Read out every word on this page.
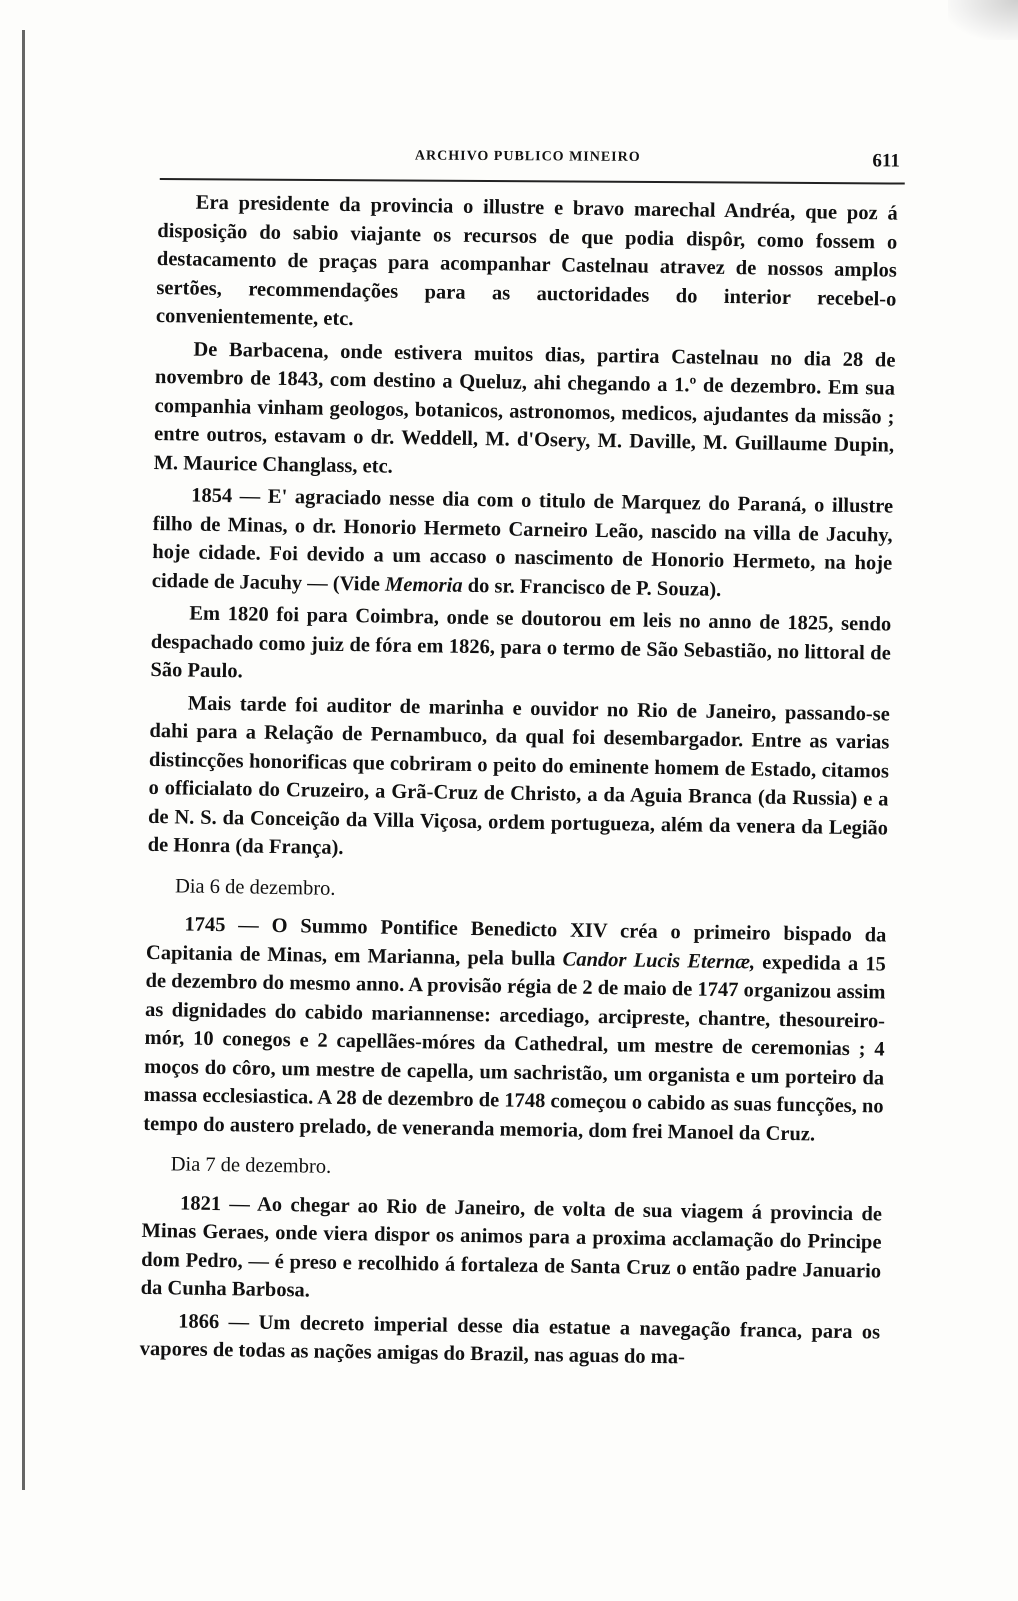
ARCHIVO PUBLICO MINEIRO	611

Era presidente da provincia o illustre e bravo marechal Andréa, que poz á disposição do sabio viajante os recursos de que podia dispôr, como fossem o destacamento de praças para acompanhar Castelnau atravez de nossos amplos sertões, recommendações para as auctoridades do interior recebel-o convenientemente, etc.

De Barbacena, onde estivera muitos dias, partira Castelnau no dia 28 de novembro de 1843, com destino a Queluz, ahi chegando a 1.º de dezembro. Em sua companhia vinham geologos, botanicos, astronomos, medicos, ajudantes da missão ; entre outros, estavam o dr. Weddell, M. d'Osery, M. Daville, M. Guillaume Dupin, M. Maurice Changlass, etc.

1854 — E' agraciado nesse dia com o titulo de Marquez do Paraná, o illustre filho de Minas, o dr. Honorio Hermeto Carneiro Leão, nascido na villa de Jacuhy, hoje cidade. Foi devido a um accaso o nascimento de Honorio Hermeto, na hoje cidade de Jacuhy — (Vide Memoria do sr. Francisco de P. Souza).

Em 1820 foi para Coimbra, onde se doutorou em leis no anno de 1825, sendo despachado como juiz de fóra em 1826, para o termo de São Sebastião, no littoral de São Paulo.

Mais tarde foi auditor de marinha e ouvidor no Rio de Janeiro, passando-se dahi para a Relação de Pernambuco, da qual foi desembargador. Entre as varias distincções honorificas que cobriram o peito do eminente homem de Estado, citamos o officialato do Cruzeiro, a Grã-Cruz de Christo, a da Aguia Branca (da Russia) e a de N. S. da Conceição da Villa Viçosa, ordem portugueza, além da venera da Legião de Honra (da França).

Dia 6 de dezembro.

1745 — O Summo Pontifice Benedicto XIV créa o primeiro bispado da Capitania de Minas, em Marianna, pela bulla Candor Lucis Eternæ, expedida a 15 de dezembro do mesmo anno. A provisão régia de 2 de maio de 1747 organizou assim as dignidades do cabido mariannense: arcediago, arcipreste, chantre, thesoureiro-mór, 10 conegos e 2 capellães-móres da Cathedral, um mestre de ceremonias ; 4 moços do côro, um mestre de capella, um sachristão, um organista e um porteiro da massa ecclesiastica. A 28 de dezembro de 1748 começou o cabido as suas funcções, no tempo do austero prelado, de veneranda memoria, dom frei Manoel da Cruz.

Dia 7 de dezembro.

1821 — Ao chegar ao Rio de Janeiro, de volta de sua viagem á provincia de Minas Geraes, onde viera dispor os animos para a proxima acclamação do Principe dom Pedro, — é preso e recolhido á fortaleza de Santa Cruz o então padre Januario da Cunha Barbosa.

1866 — Um decreto imperial desse dia estatue a navegação franca, para os vapores de todas as nações amigas do Brazil, nas aguas do ma-
